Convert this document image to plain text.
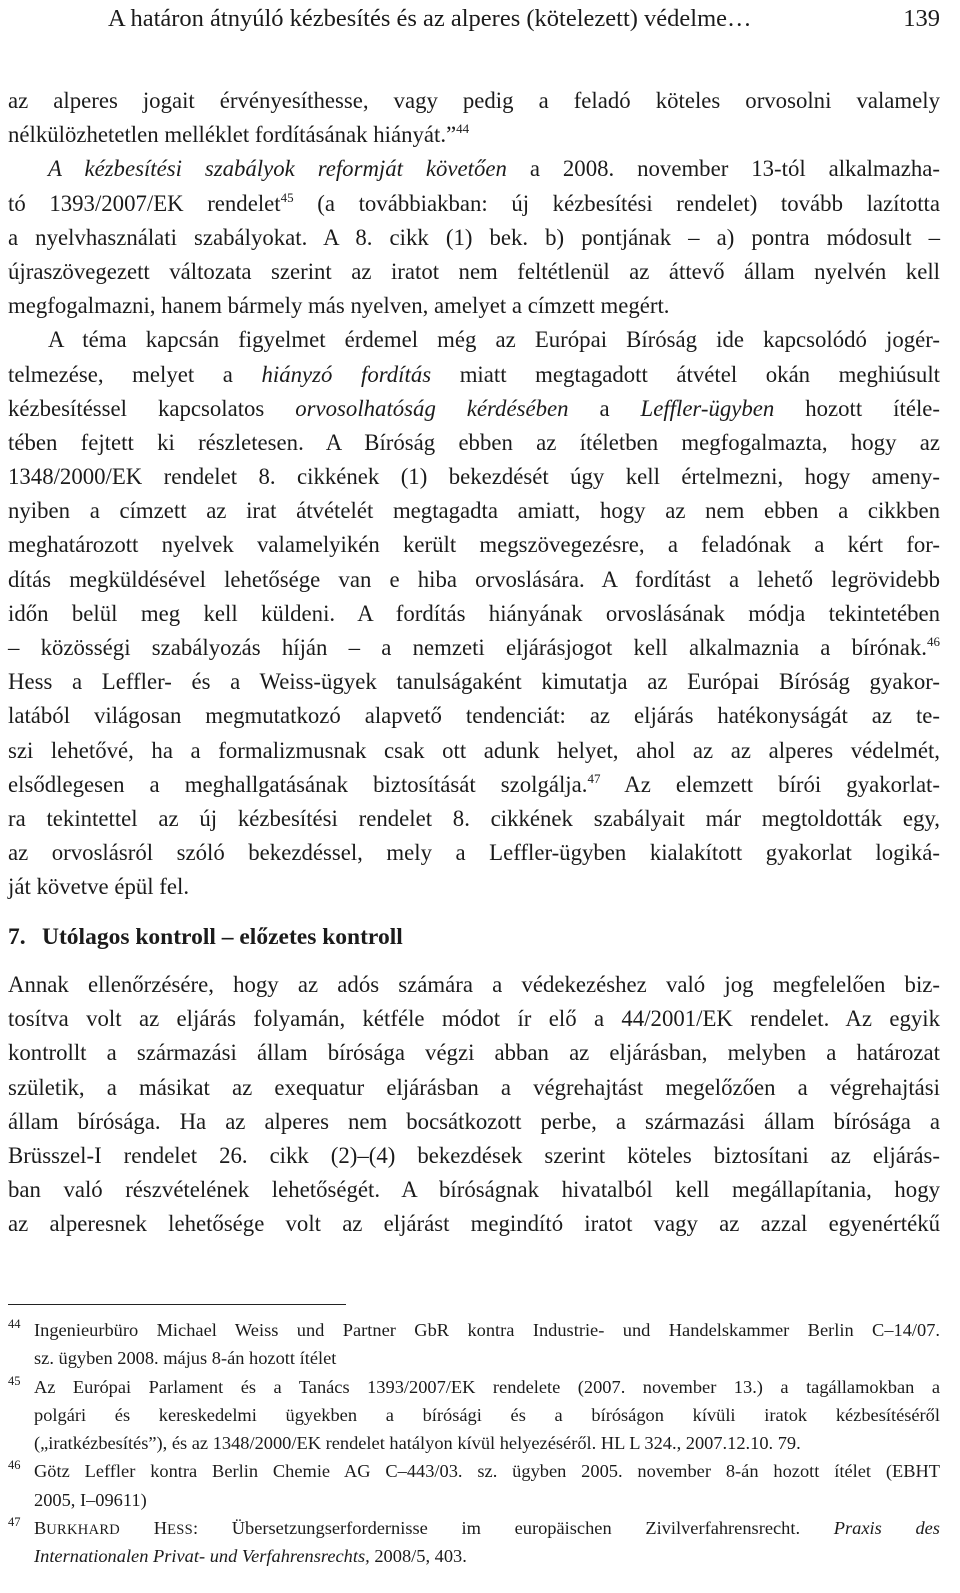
A határon átnyúló kézbesítés és az alperes (kötelezett) védelme…	139
az alperes jogait érvényesíthesse, vagy pedig a feladó köteles orvosolni valamely
nélkülözhetetlen melléklet fordításának hiányát.”$^{44}$
A kézbesítési szabályok reformját követően a 2008. november 13-tól alkalmazha-
tó 1393/2007/EK rendelet$^{45}$ (a továbbiakban: új kézbesítési rendelet) tovább lazította
a nyelvhasználati szabályokat. A 8. cikk (1) bek. b) pontjának – a) pontra módosult –
újraszövegezett változata szerint az iratot nem feltétlenül az áttevő állam nyelvén kell
megfogalmazni, hanem bármely más nyelven, amelyet a címzett megért.
A téma kapcsán figyelmet érdemel még az Európai Bíróság ide kapcsolódó jogér-
telmezése, melyet a hiányzó fordítás miatt megtagadott átvétel okán meghiúsult
kézbesítéssel kapcsolatos orvosolhatóság kérdésében a Leffler-ügyben hozott ítéle-
tében fejtett ki részletesen. A Bíróság ebben az ítéletben megfogalmazta, hogy az
1348/2000/EK rendelet 8. cikkének (1) bekezdését úgy kell értelmezni, hogy ameny-
nyiben a címzett az irat átvételét megtagadta amiatt, hogy az nem ebben a cikkben
meghatározott nyelvek valamelyikén került megszövegezésre, a feladónak a kért for-
dítás megküldésével lehetősége van e hiba orvoslására. A fordítást a lehető legrövidebb
időn belül meg kell küldeni. A fordítás hiányának orvoslásának módja tekintetében
– közösségi szabályozás híján – a nemzeti eljárásjogot kell alkalmaznia a bírónak.$^{46}$
Hess a Leffler- és a Weiss-ügyek tanulságaként kimutatja az Európai Bíróság gyakor-
latából világosan megmutatkozó alapvető tendenciát: az eljárás hatékonyságát az te-
szi lehetővé, ha a formalizmusnak csak ott adunk helyet, ahol az az alperes védelmét,
elsődlegesen a meghallgatásának biztosítását szolgálja.$^{47}$ Az elemzett bírói gyakorlat-
ra tekintettel az új kézbesítési rendelet 8. cikkének szabályait már megtoldották egy,
az orvoslásról szóló bekezdéssel, mely a Leffler-ügyben kialakított gyakorlat logiká-
ját követve épül fel.
7. Utólagos kontroll – előzetes kontroll
Annak ellenőrzésére, hogy az adós számára a védekezéshez való jog megfelelően biz-
tosítva volt az eljárás folyamán, kétféle módot ír elő a 44/2001/EK rendelet. Az egyik
kontrollt a származási állam bírósága végzi abban az eljárásban, melyben a határozat
születik, a másikat az exequatur eljárásban a végrehajtást megelőzően a végrehajtási
állam bírósága. Ha az alperes nem bocsátkozott perbe, a származási állam bírósága a
Brüsszel-I rendelet 26. cikk (2)–(4) bekezdések szerint köteles biztosítani az eljárás-
ban való részvételének lehetőségét. A bíróságnak hivatalból kell megállapítania, hogy
az alperesnek lehetősége volt az eljárást megindító iratot vagy az azzal egyenértékű
44 Ingenieurbüro Michael Weiss und Partner GbR kontra Industrie- und Handelskammer Berlin C–14/07.
sz. ügyben 2008. május 8-án hozott ítélet
45 Az Európai Parlament és a Tanács 1393/2007/EK rendelete (2007. november 13.) a tagállamokban a
polgári és kereskedelmi ügyekben a bírósági és a bíróságon kívüli iratok kézbesítéséről
(„iratkézbesítés”), és az 1348/2000/EK rendelet hatályon kívül helyezéséről. HL L 324., 2007.12.10. 79.
46 Götz Leffler kontra Berlin Chemie AG C–443/03. sz. ügyben 2005. november 8-án hozott ítélet (EBHT
2005, I–09611)
47 BURKHARD HESS: Übersetzungserfordernisse im europäischen Zivilverfahrensrecht. Praxis des
Internationalen Privat- und Verfahrensrechts, 2008/5, 403.
